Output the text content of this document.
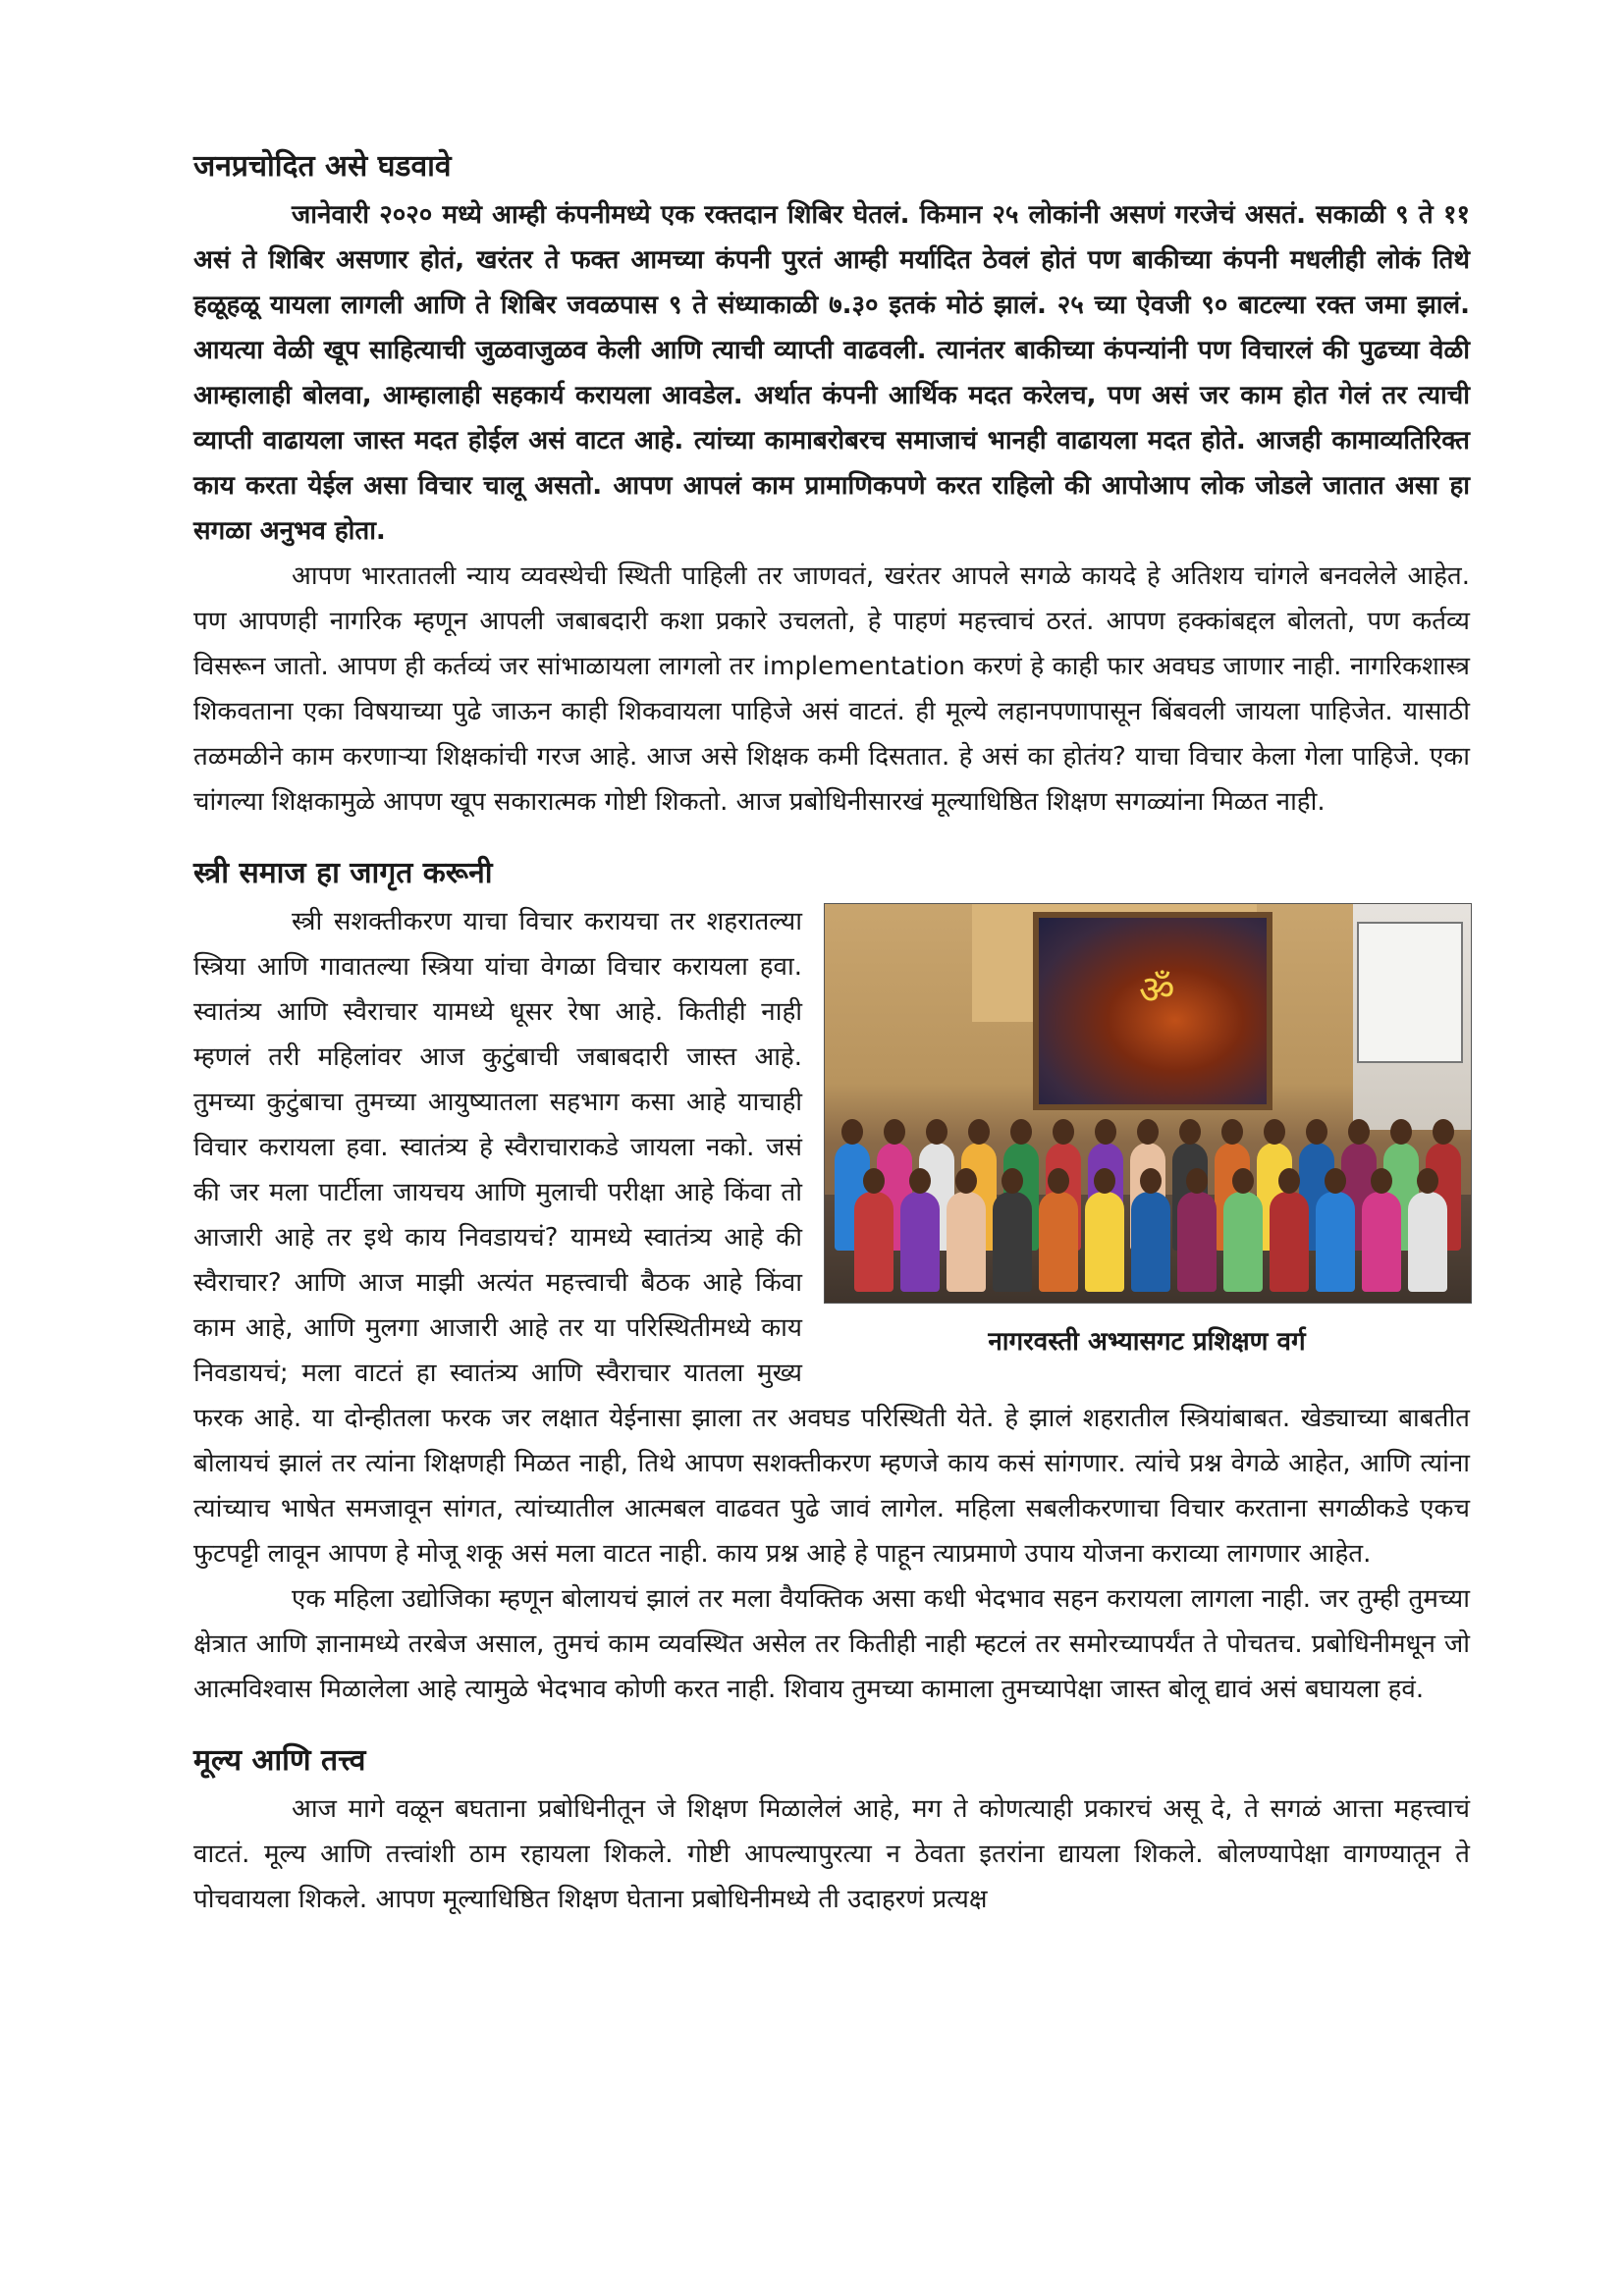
जनप्रचोदित असे घडवावे

जानेवारी २०२० मध्ये आम्ही कंपनीमध्ये एक रक्तदान शिबिर घेतलं. किमान २५ लोकांनी असणं गरजेचं असतं. सकाळी ९ ते ११ असं ते शिबिर असणार होतं, खरंतर ते फक्त आमच्या कंपनी पुरतं आम्ही मर्यादित ठेवलं होतं पण बाकीच्या कंपनी मधलीही लोकं तिथे हळूहळू यायला लागली आणि ते शिबिर जवळपास ९ ते संध्याकाळी ७.३० इतकं मोठं झालं. २५ च्या ऐवजी ९० बाटल्या रक्त जमा झालं. आयत्या वेळी खूप साहित्याची जुळवाजुळव केली आणि त्याची व्याप्ती वाढवली. त्यानंतर बाकीच्या कंपन्यांनी पण विचारलं की पुढच्या वेळी आम्हालाही बोलवा, आम्हालाही सहकार्य करायला आवडेल. अर्थात कंपनी आर्थिक मदत करेलच, पण असं जर काम होत गेलं तर त्याची व्याप्ती वाढायला जास्त मदत होईल असं वाटत आहे. त्यांच्या कामाबरोबरच समाजाचं भानही वाढायला मदत होते. आजही कामाव्यतिरिक्त काय करता येईल असा विचार चालू असतो. आपण आपलं काम प्रामाणिकपणे करत राहिलो की आपोआप लोक जोडले जातात असा हा सगळा अनुभव होता.

आपण भारतातली न्याय व्यवस्थेची स्थिती पाहिली तर जाणवतं, खरंतर आपले सगळे कायदे हे अतिशय चांगले बनवलेले आहेत. पण आपणही नागरिक म्हणून आपली जबाबदारी कशा प्रकारे उचलतो, हे पाहणं महत्त्वाचं ठरतं. आपण हक्कांबद्दल बोलतो, पण कर्तव्य विसरून जातो. आपण ही कर्तव्यं जर सांभाळायला लागलो तर implementation करणं हे काही फार अवघड जाणार नाही. नागरिकशास्त्र शिकवताना एका विषयाच्या पुढे जाऊन काही शिकवायला पाहिजे असं वाटतं. ही मूल्ये लहानपणापासून बिंबवली जायला पाहिजेत. यासाठी तळमळीने काम करणाऱ्या शिक्षकांची गरज आहे. आज असे शिक्षक कमी दिसतात. हे असं का होतंय? याचा विचार केला गेला पाहिजे. एका चांगल्या शिक्षकामुळे आपण खूप सकारात्मक गोष्टी शिकतो. आज प्रबोधिनीसारखं मूल्याधिष्ठित शिक्षण सगळ्यांना मिळत नाही.

स्त्री समाज हा जागृत करूनी
ॐ
नागरवस्ती अभ्यासगट प्रशिक्षण वर्ग

स्त्री सशक्तीकरण याचा विचार करायचा तर शहरातल्या स्त्रिया आणि गावातल्या स्त्रिया यांचा वेगळा विचार करायला हवा. स्वातंत्र्य आणि स्वैराचार यामध्ये धूसर रेषा आहे. कितीही नाही म्हणलं तरी महिलांवर आज कुटुंबाची जबाबदारी जास्त आहे. तुमच्या कुटुंबाचा तुमच्या आयुष्यातला सहभाग कसा आहे याचाही विचार करायला हवा. स्वातंत्र्य हे स्वैराचाराकडे जायला नको. जसं की जर मला पार्टीला जायचय आणि मुलाची परीक्षा आहे किंवा तो आजारी आहे तर इथे काय निवडायचं? यामध्ये स्वातंत्र्य आहे की स्वैराचार? आणि आज माझी अत्यंत महत्त्वाची बैठक आहे किंवा काम आहे, आणि मुलगा आजारी आहे तर या परिस्थितीमध्ये काय निवडायचं; मला वाटतं हा स्वातंत्र्य आणि स्वैराचार यातला मुख्य फरक आहे. या दोन्हीतला फरक जर लक्षात येईनासा झाला तर अवघड परिस्थिती येते. हे झालं शहरातील स्त्रियांबाबत. खेड्याच्या बाबतीत बोलायचं झालं तर त्यांना शिक्षणही मिळत नाही, तिथे आपण सशक्तीकरण म्हणजे काय कसं सांगणार. त्यांचे प्रश्न वेगळे आहेत, आणि त्यांना त्यांच्याच भाषेत समजावून सांगत, त्यांच्यातील आत्मबल वाढवत पुढे जावं लागेल. महिला सबलीकरणाचा विचार करताना सगळीकडे एकच फुटपट्टी लावून आपण हे मोजू शकू असं मला वाटत नाही. काय प्रश्न आहे हे पाहून त्याप्रमाणे उपाय योजना कराव्या लागणार आहेत.

एक महिला उद्योजिका म्हणून बोलायचं झालं तर मला वैयक्तिक असा कधी भेदभाव सहन करायला लागला नाही. जर तुम्ही तुमच्या क्षेत्रात आणि ज्ञानामध्ये तरबेज असाल, तुमचं काम व्यवस्थित असेल तर कितीही नाही म्हटलं तर समोरच्यापर्यंत ते पोचतच. प्रबोधिनीमधून जो आत्मविश्वास मिळालेला आहे त्यामुळे भेदभाव कोणी करत नाही. शिवाय तुमच्या कामाला तुमच्यापेक्षा जास्त बोलू द्यावं असं बघायला हवं.

मूल्य आणि तत्त्व

आज मागे वळून बघताना प्रबोधिनीतून जे शिक्षण मिळालेलं आहे, मग ते कोणत्याही प्रकारचं असू दे, ते सगळं आत्ता महत्त्वाचं वाटतं. मूल्य आणि तत्त्वांशी ठाम रहायला शिकले. गोष्टी आपल्यापुरत्या न ठेवता इतरांना द्यायला शिकले. बोलण्यापेक्षा वागण्यातून ते पोचवायला शिकले. आपण मूल्याधिष्ठित शिक्षण घेताना प्रबोधिनीमध्ये ती उदाहरणं प्रत्यक्ष
